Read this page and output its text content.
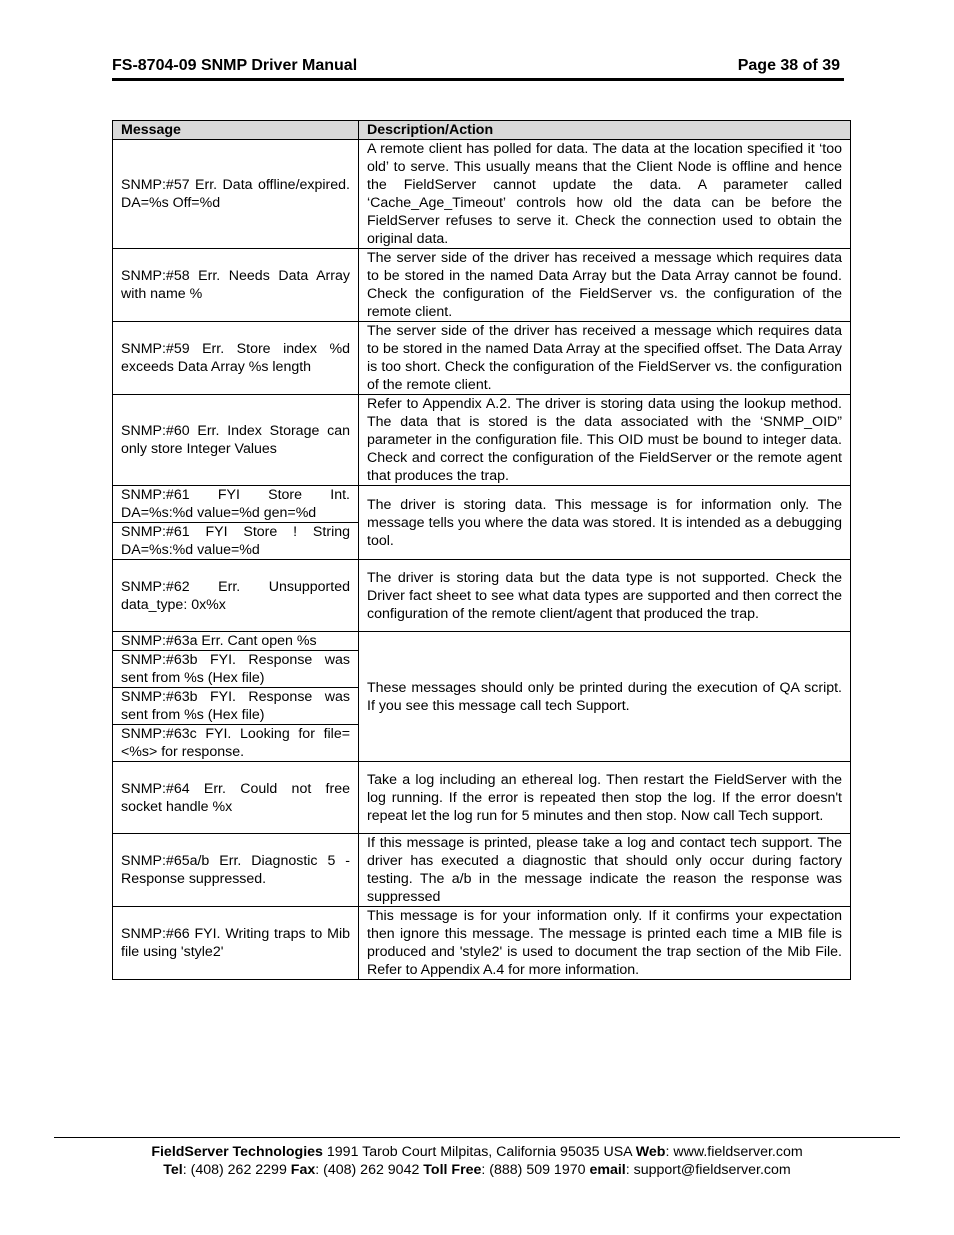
FS-8704-09 SNMP Driver Manual	Page 38 of 39
Message	Description/Action
SNMP:#57 Err. Data offline/expired. DA=%s Off=%d	A remote client has polled for data. The data at the location specified it ‘too old’ to serve. This usually means that the Client Node is offline and hence the FieldServer cannot update the data. A parameter called ‘Cache_Age_Timeout’ controls how old the data can be before the FieldServer refuses to serve it. Check the connection used to obtain the original data.
SNMP:#58 Err. Needs Data Array with name %	The server side of the driver has received a message which requires data to be stored in the named Data Array but the Data Array cannot be found. Check the configuration of the FieldServer vs. the configuration of the remote client.
SNMP:#59 Err. Store index %d exceeds Data Array %s length	The server side of the driver has received a message which requires data to be stored in the named Data Array at the specified offset. The Data Array is too short. Check the configuration of the FieldServer vs. the configuration of the remote client.
SNMP:#60 Err. Index Storage can only store Integer Values	Refer to Appendix A.2. The driver is storing data using the lookup method. The data that is stored is the data associated with the ‘SNMP_OID” parameter in the configuration file. This OID must be bound to integer data. Check and correct the configuration of the FieldServer or the remote agent that produces the trap.
SNMP:#61 FYI Store Int. DA=%s:%d value=%d gen=%d	The driver is storing data. This message is for information only. The message tells you where the data was stored. It is intended as a debugging tool.
SNMP:#61 FYI Store ! String DA=%s:%d value=%d	
SNMP:#62 Err. Unsupported data_type: 0x%x	The driver is storing data but the data type is not supported. Check the Driver fact sheet to see what data types are supported and then correct the configuration of the remote client/agent that produced the trap.
SNMP:#63a Err. Cant open %s	These messages should only be printed during the execution of QA script. If you see this message call tech Support.
SNMP:#63b FYI. Response was sent from %s (Hex file)	
SNMP:#63b FYI. Response was sent from %s (Hex file)	
SNMP:#63c FYI. Looking for file=<%s> for response.	
SNMP:#64 Err. Could not free socket handle %x	Take a log including an ethereal log. Then restart the FieldServer with the log running. If the error is repeated then stop the log. If the error doesn't repeat let the log run for 5 minutes and then stop. Now call Tech support.
SNMP:#65a/b Err. Diagnostic 5 - Response suppressed.	If this message is printed, please take a log and contact tech support. The driver has executed a diagnostic that should only occur during factory testing. The a/b in the message indicate the reason the response was suppressed
SNMP:#66 FYI. Writing traps to Mib file using 'style2'	This message is for your information only. If it confirms your expectation then ignore this message. The message is printed each time a MIB file is produced and 'style2' is used to document the trap section of the Mib File. Refer to Appendix A.4 for more information.
FieldServer Technologies 1991 Tarob Court Milpitas, California 95035 USA Web: www.fieldserver.com
Tel: (408) 262 2299 Fax: (408) 262 9042 Toll Free: (888) 509 1970 email: support@fieldserver.com
